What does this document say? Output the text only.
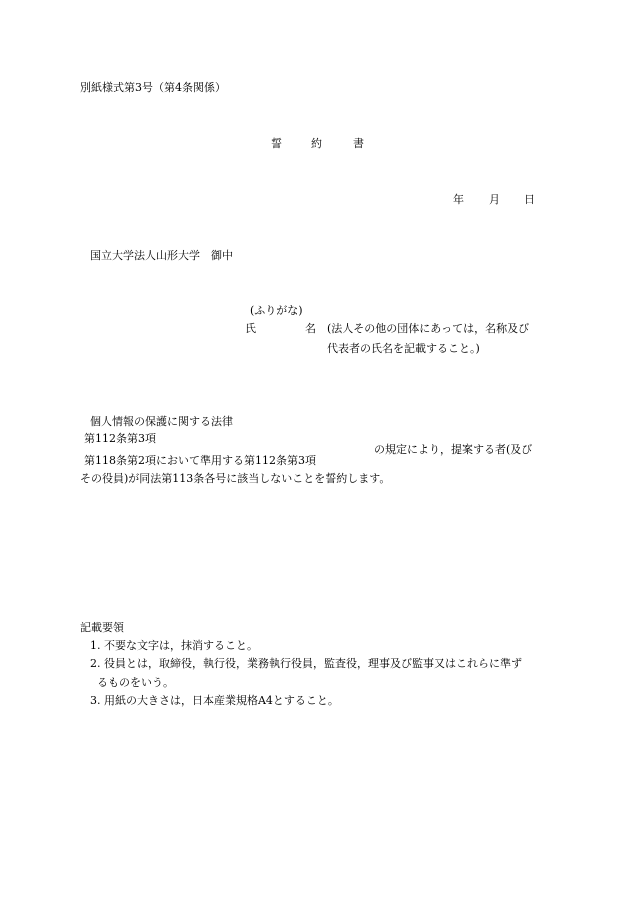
別紙様式第3号（第4条関係）
誓	約	書
年 月 日
国立大学法人山形大学　御中
(ふりがな)
氏	名 (法人その他の団体にあっては，名称及び
代表者の氏名を記載すること。)
個人情報の保護に関する法律
第112条第3項
第118条第2項において準用する第112条第3項
の規定により，提案する者(及び
その役員)が同法第113条各号に該当しないことを誓約します。
記載要領
1. 不要な文字は，抹消すること。
2. 役員とは，取締役，執行役，業務執行役員，監査役，理事及び監事又はこれらに準ず
るものをいう。
3. 用紙の大きさは，日本産業規格A4とすること。
